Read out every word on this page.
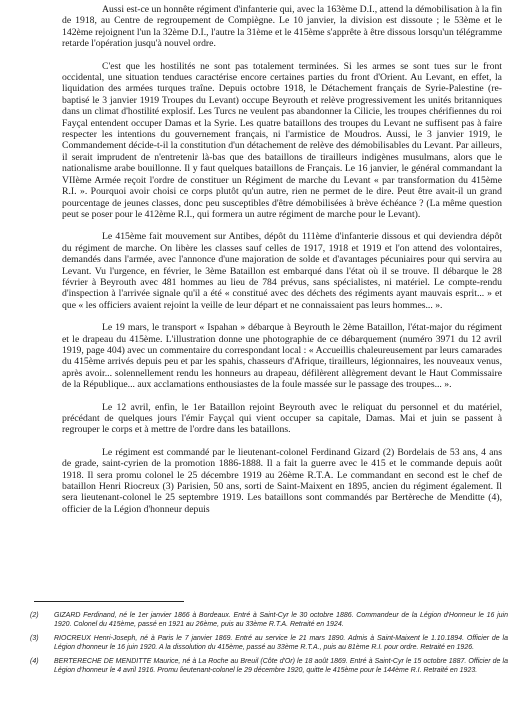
Aussi est-ce un honnête régiment d'infanterie qui, avec la 163ème D.I., attend la démobilisation à la fin de 1918, au Centre de regroupement de Compiègne. Le 10 janvier, la division est dissoute ; le 53ème et le 142ème rejoignent l'un la 32ème D.I., l'autre la 31ème et le 415ème s'apprête à être dissous lorsqu'un télégramme retarde l'opération jusqu'à nouvel ordre.

C'est que les hostilités ne sont pas totalement terminées. Si les armes se sont tues sur le front occidental, une situation tendues caractérise encore certaines parties du front d'Orient. Au Levant, en effet, la liquidation des armées turques traîne. Depuis octobre 1918, le Détachement français de Syrie-Palestine (re-baptisé le 3 janvier 1919 Troupes du Levant) occupe Beyrouth et relève progressivement les unités britanniques dans un climat d'hostilité explosif. Les Turcs ne veulent pas abandonner la Cilicie, les troupes chérifiennes du roi Fayçal entendent occuper Damas et la Syrie. Les quatre bataillons des troupes du Levant ne suffisent pas à faire respecter les intentions du gouvernement français, ni l'armistice de Moudros. Aussi, le 3 janvier 1919, le Commandement décide-t-il la constitution d'un détachement de relève des démobilisables du Levant. Par ailleurs, il serait imprudent de n'entretenir là-bas que des bataillons de tirailleurs indigènes musulmans, alors que le nationalisme arabe bouillonne. Il y faut quelques bataillons de Français. Le 16 janvier, le général commandant la VIIème Armée reçoit l'ordre de constituer un Régiment de marche du Levant « par transformation du 415ème R.I. ». Pourquoi avoir choisi ce corps plutôt qu'un autre, rien ne permet de le dire. Peut être avait-il un grand pourcentage de jeunes classes, donc peu susceptibles d'être démobilisées à brève échéance ? (La même question peut se poser pour le 412ème R.I., qui formera un autre régiment de marche pour le Levant).

Le 415ème fait mouvement sur Antibes, dépôt du 111ème d'infanterie dissous et qui deviendra dépôt du régiment de marche. On libère les classes sauf celles de 1917, 1918 et 1919 et l'on attend des volontaires, demandés dans l'armée, avec l'annonce d'une majoration de solde et d'avantages pécuniaires pour qui servira au Levant. Vu l'urgence, en février, le 3ème Bataillon est embarqué dans l'état où il se trouve. Il débarque le 28 février à Beyrouth avec 481 hommes au lieu de 784 prévus, sans spécialistes, ni matériel. Le compte-rendu d'inspection à l'arrivée signale qu'il a été « constitué avec des déchets des régiments ayant mauvais esprit... » et que « les officiers avaient rejoint la veille de leur départ et ne connaissaient pas leurs hommes... ».

Le 19 mars, le transport « Ispahan » débarque à Beyrouth le 2ème Bataillon, l'état-major du régiment et le drapeau du 415ème. L'illustration donne une photographie de ce débarquement (numéro 3971 du 12 avril 1919, page 404) avec un commentaire du correspondant local : « Accueillis chaleureusement par leurs camarades du 415ème arrivés depuis peu et par les spahis, chasseurs d'Afrique, tirailleurs, légionnaires, les nouveaux venus, après avoir... solennellement rendu les honneurs au drapeau, défilèrent allègrement devant le Haut Commissaire de la République... aux acclamations enthousiastes de la foule massée sur le passage des troupes... ».

Le 12 avril, enfin, le 1er Bataillon rejoint Beyrouth avec le reliquat du personnel et du matériel, précédant de quelques jours l'émir Fayçal qui vient occuper sa capitale, Damas. Mai et juin se passent à regrouper le corps et à mettre de l'ordre dans les bataillons.

Le régiment est commandé par le lieutenant-colonel Ferdinand Gizard (2) Bordelais de 53 ans, 4 ans de grade, saint-cyrien de la promotion 1886-1888. Il a fait la guerre avec le 415 et le commande depuis août 1918. Il sera promu colonel le 25 décembre 1919 au 26ème R.T.A. Le commandant en second est le chef de bataillon Henri Riocreux (3) Parisien, 50 ans, sorti de Saint-Maixent en 1895, ancien du régiment également. Il sera lieutenant-colonel le 25 septembre 1919. Les bataillons sont commandés par Bertèreche de Menditte (4), officier de la Légion d'honneur depuis

(2)	GIZARD Ferdinand, né le 1er janvier 1866 à Bordeaux. Entré à Saint-Cyr le 30 octobre 1886. Commandeur de la Légion d'Honneur le 16 juin 1920. Colonel du 415ème, passé en 1921 au 26ème, puis au 33ème R.T.A. Retraité en 1924.
(3)	RIOCREUX Henri-Joseph, né à Paris le 7 janvier 1869. Entré au service le 21 mars 1890. Admis à Saint-Maixent le 1.10.1894. Officier de la Légion d'honneur le 16 juin 1920. A la dissolution du 415ème, passé au 33ème R.T.A., puis au 81ème R.I. pour ordre. Retraité en 1926.
(4)	BERTERECHE DE MENDITTE Maurice, né à La Roche au Breuil (Côte d'Or) le 18 août 1869. Entré à Saint-Cyr le 15 octobre 1887. Officier de la Légion d'honneur le 4 avril 1916. Promu lieutenant-colonel le 29 décembre 1920, quitte le 415ème pour le 144ème R.I. Retraité en 1923.
